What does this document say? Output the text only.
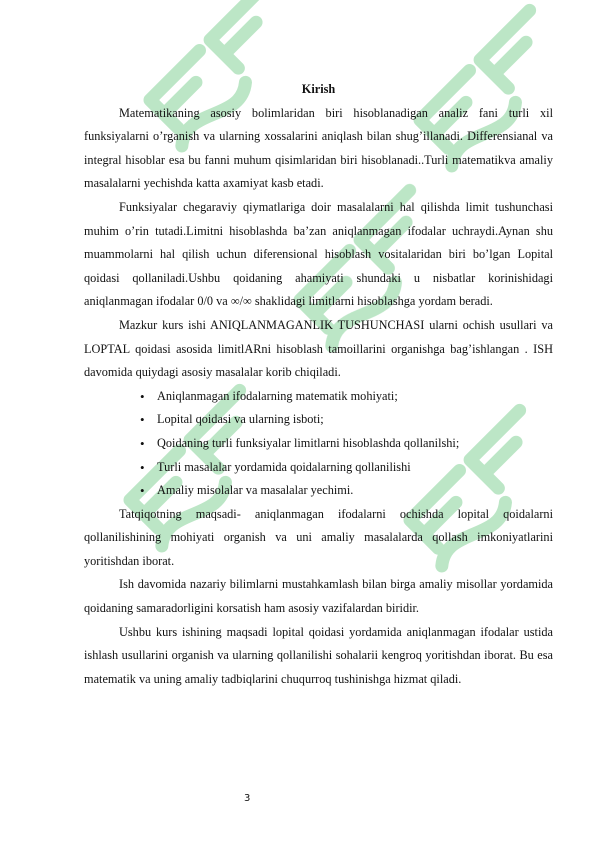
Kirish

Matematikaning asosiy bolimlaridan biri hisoblanadigan analiz fani turli xil funksiyalarni o’rganish va ularning xossalarini aniqlash bilan shug’illanadi. Differensianal va integral hisoblar esa bu fanni muhum qisimlaridan biri hisoblanadi..Turli matematikva amaliy masalalarni yechishda katta axamiyat kasb etadi.

Funksiyalar chegaraviy qiymatlariga doir masalalarni hal qilishda limit tushunchasi muhim o’rin tutadi.Limitni hisoblashda ba’zan aniqlanmagan ifodalar uchraydi.Aynan shu muammolarni hal qilish uchun diferensional hisoblash vositalaridan biri bo’lgan Lopital qoidasi qollaniladi.Ushbu qoidaning ahamiyati shundaki u nisbatlar korinishidagi aniqlanmagan ifodalar 0/0 va ∞/∞ shaklidagi limitlarni hisoblashga yordam beradi.

Mazkur kurs ishi ANIQLANMAGANLIK TUSHUNCHASI ularni ochish usullari va LOPTAL qoidasi asosida limitlARni hisoblash tamoillarini organishga bag’ishlangan . ISH davomida quiydagi asosiy masalalar korib chiqiladi.

• Aniqlanmagan ifodalarning matematik mohiyati;
• Lopital qoidasi va ularning isboti;
• Qoidaning turli funksiyalar limitlarni hisoblashda qollanilshi;
• Turli masalalar yordamida qoidalarning qollanilishi
• Amaliy misolalar va masalalar yechimi.

Tatqiqotning maqsadi- aniqlanmagan ifodalarni ochishda lopital qoidalarni qollanilishining mohiyati organish va uni amaliy masalalarda qollash imkoniyatlarini yoritishdan iborat.

Ish davomida nazariy bilimlarni mustahkamlash bilan birga amaliy misollar yordamida qoidaning samaradorligini korsatish ham asosiy vazifalardan biridir.

Ushbu kurs ishining maqsadi lopital qoidasi yordamida aniqlanmagan ifodalar ustida ishlash usullarini organish va ularning qollanilishi sohalarii kengroq yoritishdan iborat. Bu esa matematik va uning amaliy tadbiqlarini chuqurroq tushinishga hizmat qiladi.

3
